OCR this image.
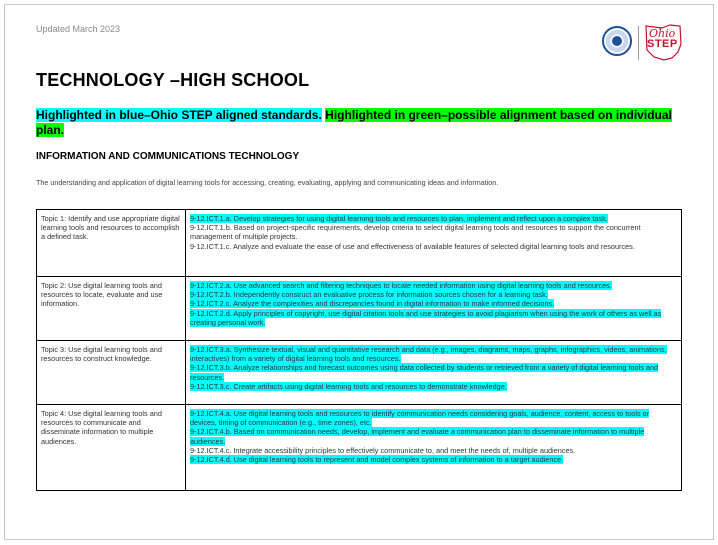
Updated March 2023	Ohio
STEP
TECHNOLOGY –HIGH SCHOOL
Highlighted in blue–Ohio STEP aligned standards. Highlighted in green–possible alignment based on individual plan.
INFORMATION AND COMMUNICATIONS TECHNOLOGY
The understanding and application of digital learning tools for accessing, creating, evaluating, applying and communicating ideas and information.
Topic 1: Identify and use appropriate digital learning tools and resources to accomplish a defined task.	9-12.ICT.1.a. Develop strategies for using digital learning tools and resources to plan, implement and reflect upon a complex task.
9-12.ICT.1.b. Based on project-specific requirements, develop criteria to select digital learning tools and resources to support the concurrent management of multiple projects.
9-12.ICT.1.c. Analyze and evaluate the ease of use and effectiveness of available features of selected digital learning tools and resources.

Topic 2: Use digital learning tools and resources to locate, evaluate and use information.	9-12.ICT.2.a. Use advanced search and filtering techniques to locate needed information using digital learning tools and resources.
9-12.ICT.2.b. Independently construct an evaluative process for information sources chosen for a learning task.
9-12.ICT.2.c. Analyze the complexities and discrepancies found in digital information to make informed decisions.
9-12.ICT.2.d. Apply principles of copyright, use digital citation tools and use strategies to avoid plagiarism when using the work of others as well as creating personal work.

Topic 3: Use digital learning tools and resources to construct knowledge.	9-12.ICT.3.a. Synthesize textual, visual and quantitative research and data (e.g., images, diagrams, maps, graphs, infographics, videos, animations, interactives) from a variety of digital learning tools and resources.
9-12.ICT.3.b. Analyze relationships and forecast outcomes using data collected by students or retrieved from a variety of digital learning tools and resources.
9-12.ICT.3.c. Create artifacts using digital learning tools and resources to demonstrate knowledge.

Topic 4: Use digital learning tools and resources to communicate and disseminate information to multiple audiences.	9-12.ICT.4.a. Use digital learning tools and resources to identify communication needs considering goals, audience, content, access to tools or devices, timing of communication (e.g., time zones), etc.
9-12.ICT.4.b. Based on communication needs, develop, implement and evaluate a communication plan to disseminate information to multiple audiences.
9-12.ICT.4.c. Integrate accessibility principles to effectively communicate to, and meet the needs of, multiple audiences.
9-12.ICT.4.d. Use digital learning tools to represent and model complex systems of information to a target audience.
